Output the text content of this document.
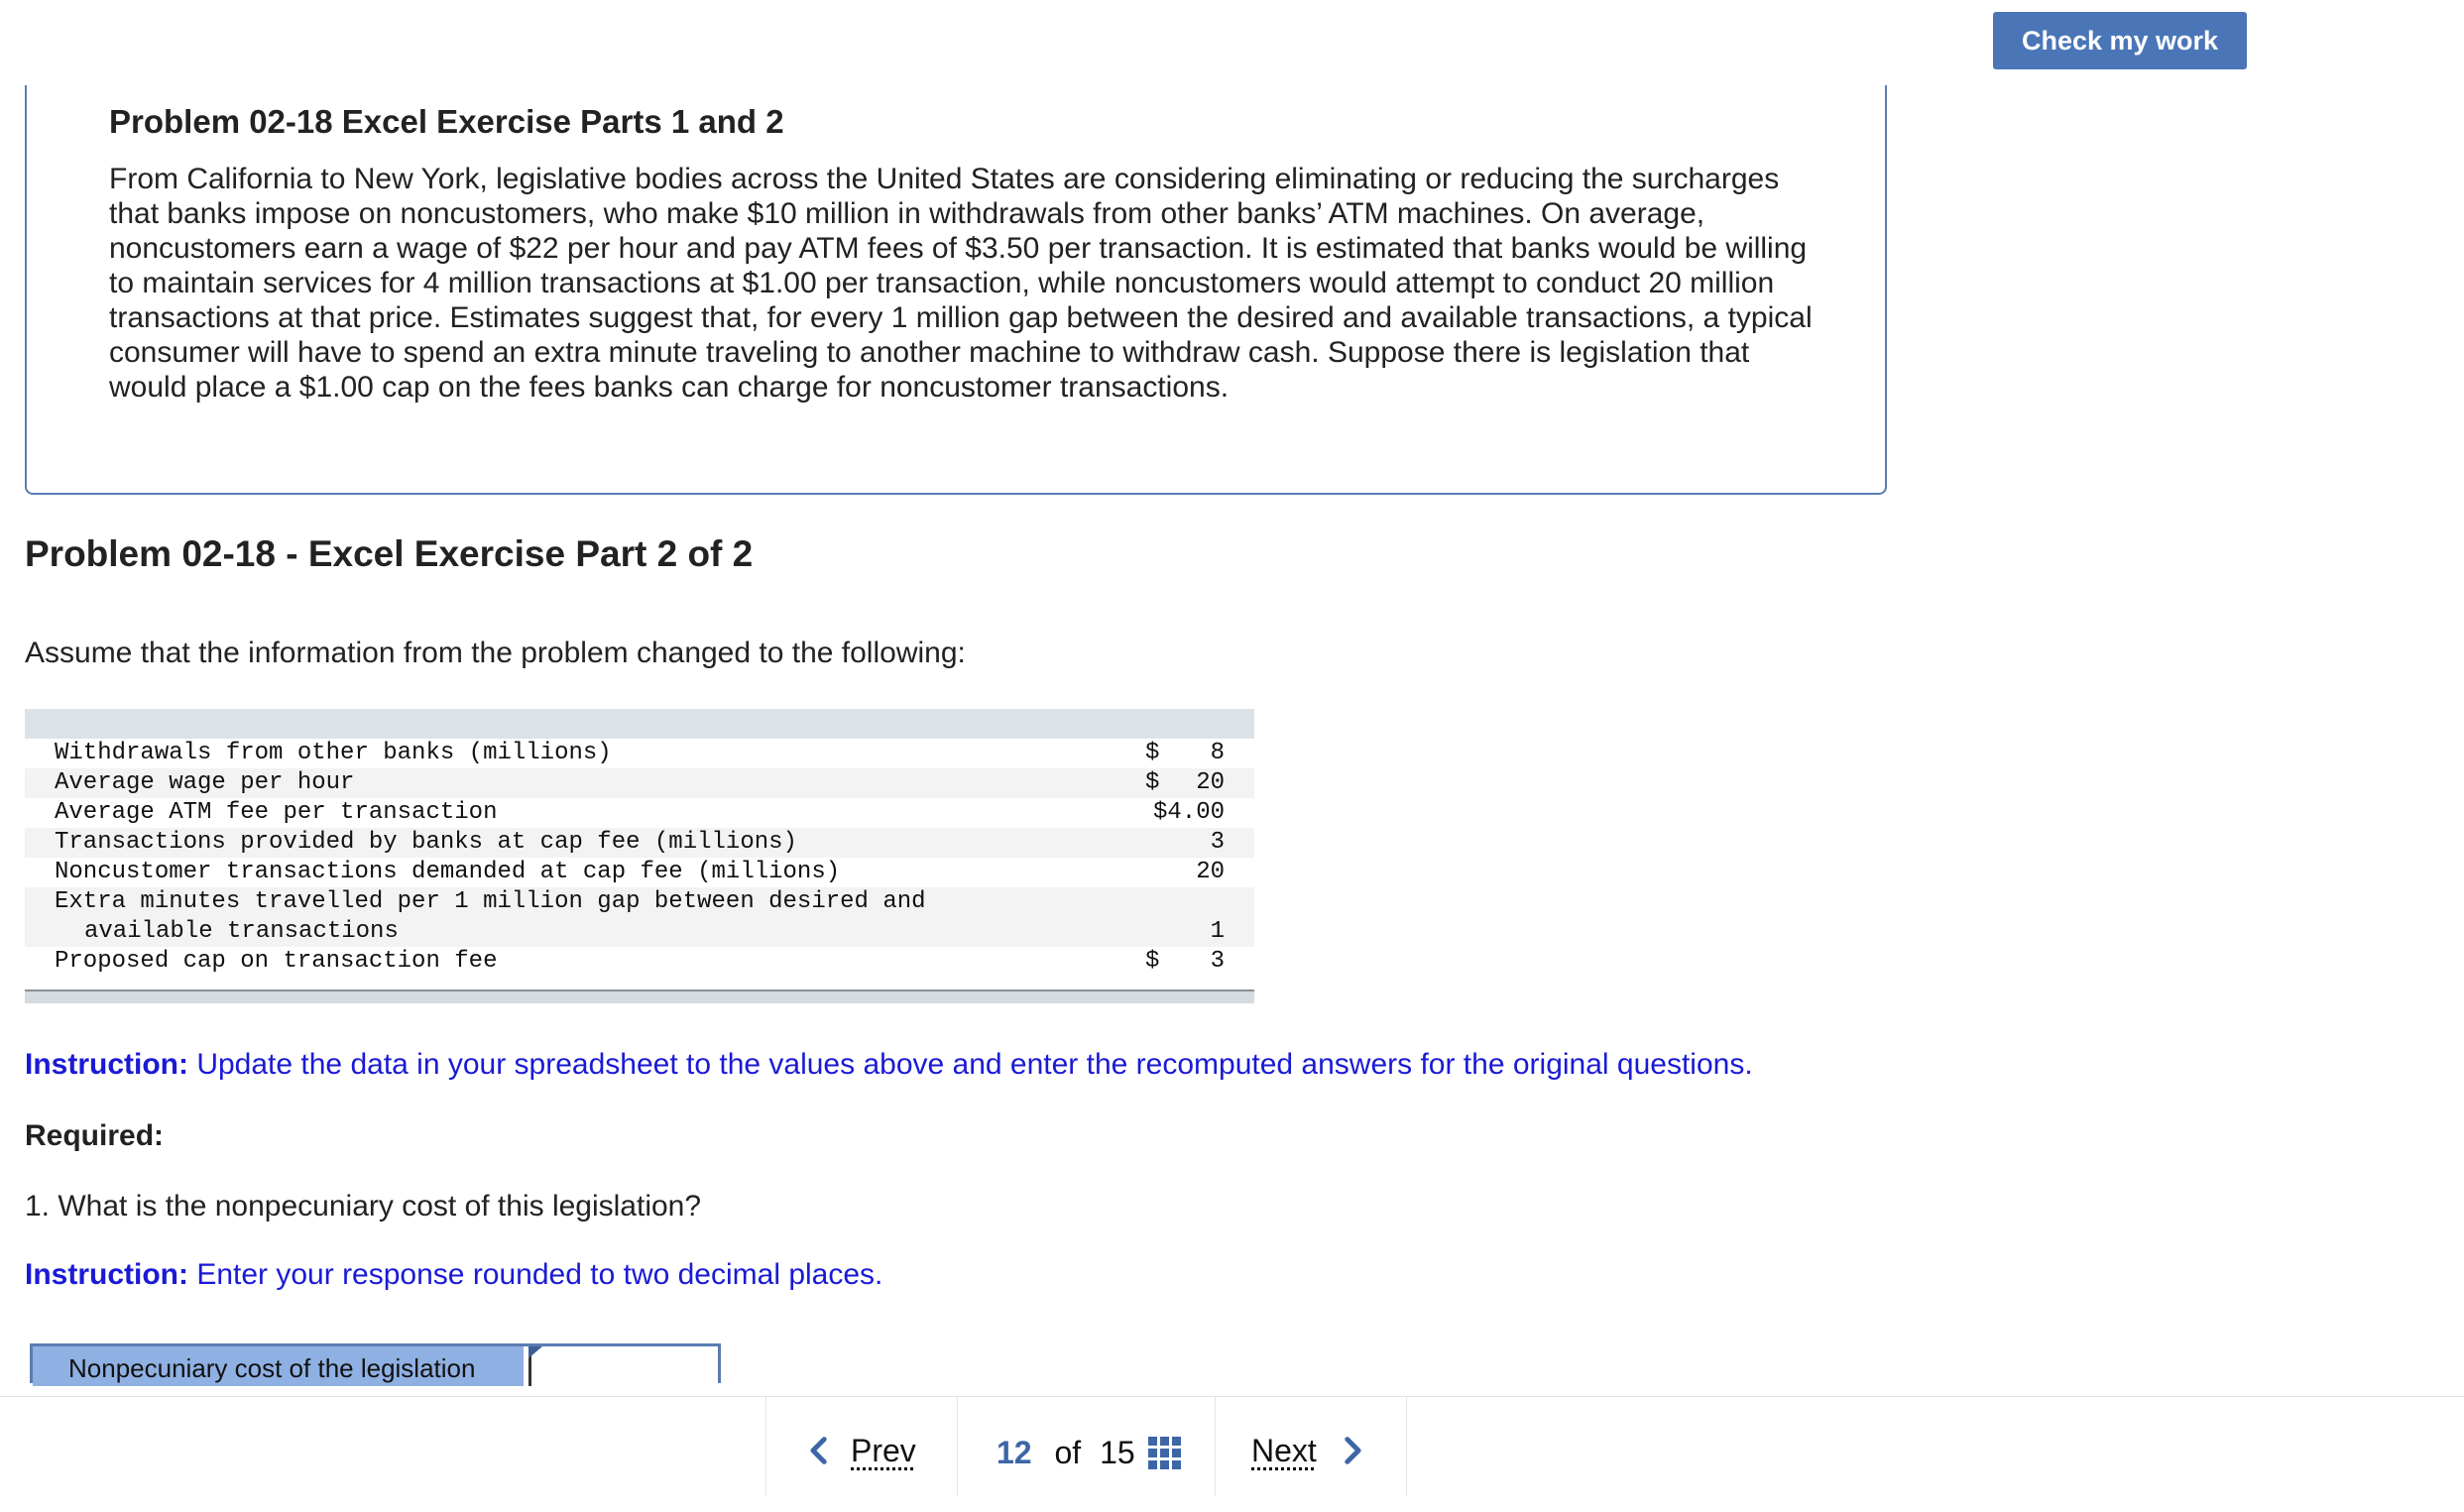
Check my work
Problem 02-18 Excel Exercise Parts 1 and 2

From California to New York, legislative bodies across the United States are considering eliminating or reducing the surcharges that banks impose on noncustomers, who make $10 million in withdrawals from other banks’ ATM machines. On average, noncustomers earn a wage of $22 per hour and pay ATM fees of $3.50 per transaction. It is estimated that banks would be willing to maintain services for 4 million transactions at $1.00 per transaction, while noncustomers would attempt to conduct 20 million transactions at that price. Estimates suggest that, for every 1 million gap between the desired and available transactions, a typical consumer will have to spend an extra minute traveling to another machine to withdraw cash. Suppose there is legislation that would place a $1.00 cap on the fees banks can charge for noncustomer transactions.

Problem 02-18 - Excel Exercise Part 2 of 2

Assume that the information from the problem changed to the following:

Withdrawals from other banks (millions)	$ 8
Average wage per hour	$ 20
Average ATM fee per transaction	$4.00
Transactions provided by banks at cap fee (millions)	3
Noncustomer transactions demanded at cap fee (millions)	20
Extra minutes travelled per 1 million gap between desired and
available transactions	1
Proposed cap on transaction fee	$ 3

Instruction: Update the data in your spreadsheet to the values above and enter the recomputed answers for the original questions.

Required:

1. What is the nonpecuniary cost of this legislation?

Instruction: Enter your response rounded to two decimal places.

Nonpecuniary cost of the legislation
Prev	12 of 15	Next
